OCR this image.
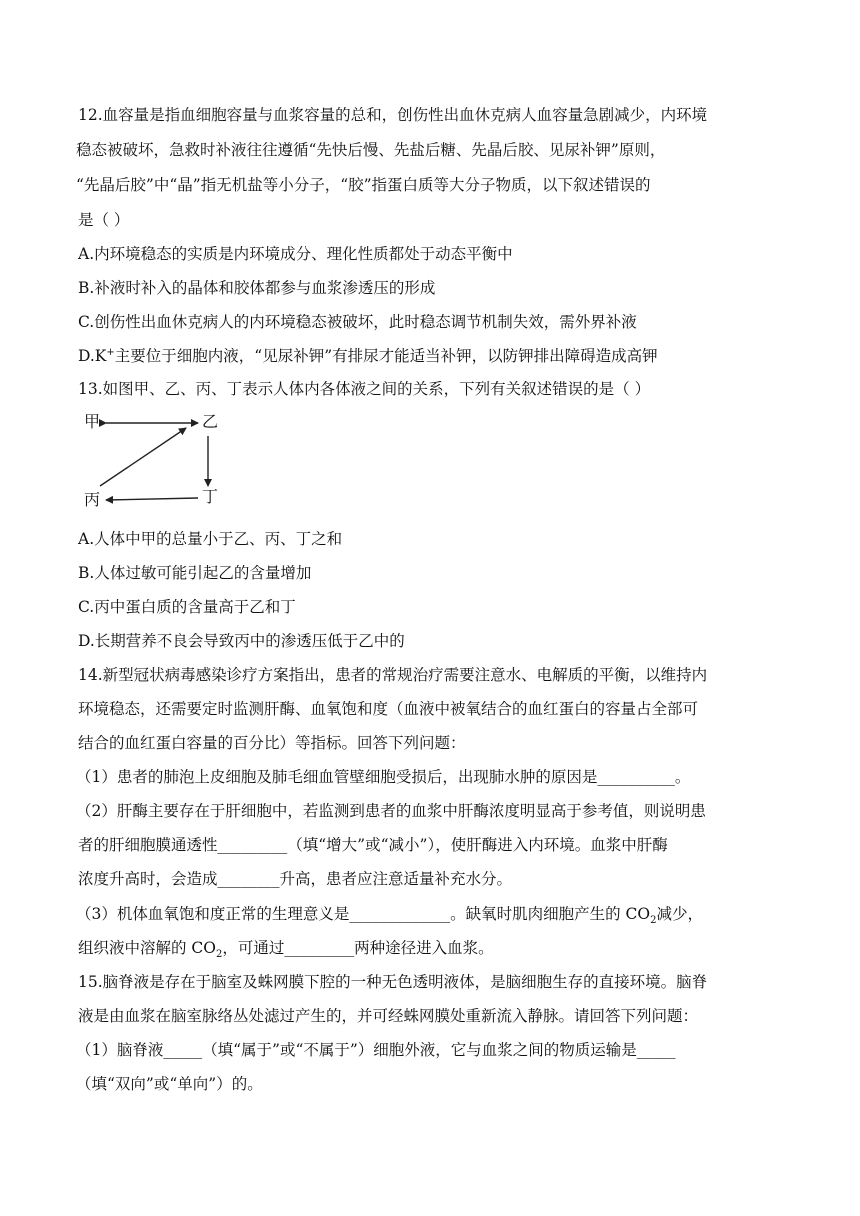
12.血容量是指血细胞容量与血浆容量的总和，创伤性出血休克病人血容量急剧减少，内环境
稳态被破坏，急救时补液往往遵循“先快后慢、先盐后糖、先晶后胶、见尿补钾”原则，
“先晶后胶”中“晶”指无机盐等小分子，“胶”指蛋白质等大分子物质，以下叙述错误的
是（ ）
A.内环境稳态的实质是内环境成分、理化性质都处于动态平衡中
B.补液时补入的晶体和胶体都参与血浆渗透压的形成
C.创伤性出血休克病人的内环境稳态被破坏，此时稳态调节机制失效，需外界补液
D.K+主要位于细胞内液，“见尿补钾”有排尿才能适当补钾，以防钾排出障碍造成高钾
13.如图甲、乙、丙、丁表示人体内各体液之间的关系，下列有关叙述错误的是（ ）
甲	乙
丙	丁
A.人体中甲的总量小于乙、丙、丁之和
B.人体过敏可能引起乙的含量增加
C.丙中蛋白质的含量高于乙和丁
D.长期营养不良会导致丙中的渗透压低于乙中的
14.新型冠状病毒感染诊疗方案指出，患者的常规治疗需要注意水、电解质的平衡，以维持内
环境稳态，还需要定时监测肝酶、血氧饱和度（血液中被氧结合的血红蛋白的容量占全部可
结合的血红蛋白容量的百分比）等指标。回答下列问题：
（1）患者的肺泡上皮细胞及肺毛细血管壁细胞受损后，出现肺水肿的原因是__________。
（2）肝酶主要存在于肝细胞中，若监测到患者的血浆中肝酶浓度明显高于参考值，则说明患
者的肝细胞膜通透性_________（填“增大”或“减小”），使肝酶进入内环境。血浆中肝酶
浓度升高时，会造成________升高，患者应注意适量补充水分。
（3）机体血氧饱和度正常的生理意义是_____________。缺氧时肌肉细胞产生的 $CO_2$减少，
组织液中溶解的 $CO_2$，可通过_________两种途径进入血浆。
15.脑脊液是存在于脑室及蛛网膜下腔的一种无色透明液体，是脑细胞生存的直接环境。脑脊
液是由血浆在脑室脉络丛处滤过产生的，并可经蛛网膜处重新流入静脉。请回答下列问题：
（1）脑脊液_____（填“属于”或“不属于”）细胞外液，它与血浆之间的物质运输是_____
（填“双向”或“单向”）的。
